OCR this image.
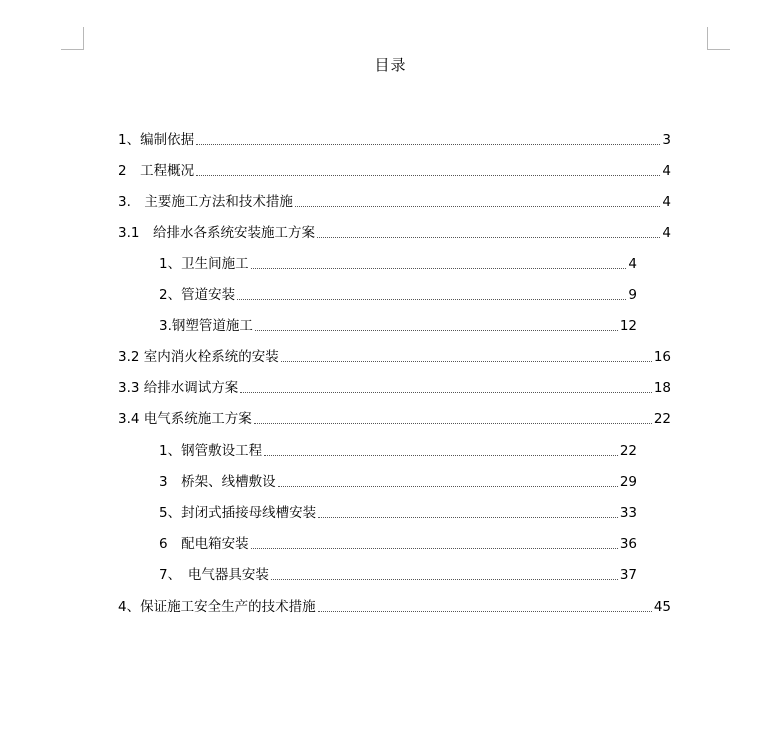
目录
1、编制依据	3
2　工程概况	4
3.　主要施工方法和技术措施	4
3.1　给排水各系统安装施工方案	4
1、卫生间施工	4
2、管道安装	9
3.钢塑管道施工	12
3.2 室内消火栓系统的安装	16
3.3 给排水调试方案	18
3.4 电气系统施工方案	22
1、钢管敷设工程	22
3　桥架、线槽敷设	29
5、封闭式插接母线槽安装	33
6　配电箱安装	36
7、　电气器具安装	37
4、保证施工安全生产的技术措施	45
